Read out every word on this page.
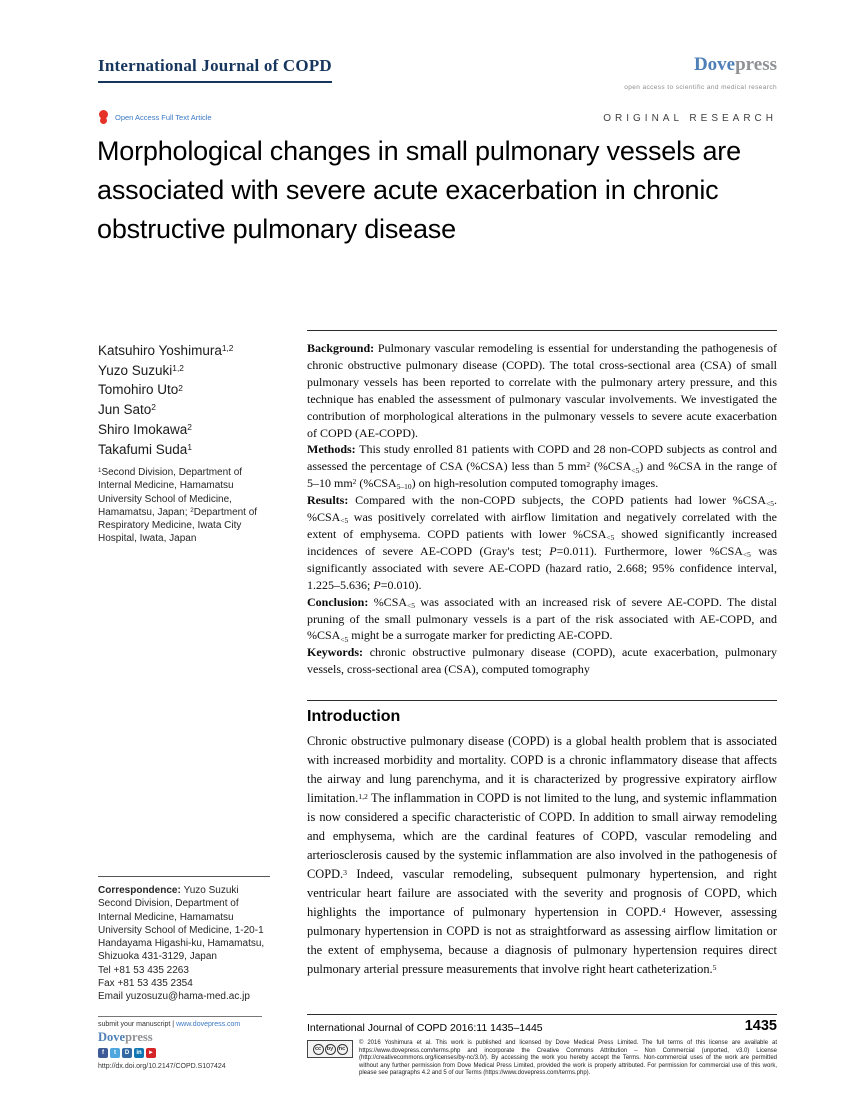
International Journal of COPD	Dovepress
open access to scientific and medical research
Open Access Full Text Article	ORIGINAL RESEARCH
Morphological changes in small pulmonary vessels are associated with severe acute exacerbation in chronic obstructive pulmonary disease
Katsuhiro Yoshimura$^{1,2}$
Yuzo Suzuki$^{1,2}$
Tomohiro Uto$^2$
Jun Sato$^2$
Shiro Imokawa$^2$
Takafumi Suda$^1$
$^1$Second Division, Department of Internal Medicine, Hamamatsu University School of Medicine, Hamamatsu, Japan; $^2$Department of Respiratory Medicine, Iwata City Hospital, Iwata, Japan

Correspondence: Yuzo Suzuki

Second Division, Department of Internal Medicine, Hamamatsu University School of Medicine, 1-20-1 Handayama Higashi-ku, Hamamatsu, Shizuoka 431-3129, Japan

Tel +81 53 435 2263

Fax +81 53 435 2354

Email yuzosuzu@hama-med.ac.jp

Background: Pulmonary vascular remodeling is essential for understanding the pathogenesis of chronic obstructive pulmonary disease (COPD). The total cross-sectional area (CSA) of small pulmonary vessels has been reported to correlate with the pulmonary artery pressure, and this technique has enabled the assessment of pulmonary vascular involvements. We investigated the contribution of morphological alterations in the pulmonary vessels to severe acute exacerbation of COPD (AE-COPD).

Methods: This study enrolled 81 patients with COPD and 28 non-COPD subjects as control and assessed the percentage of CSA (%CSA) less than 5 $mm^2$ (%CSA<5) and %CSA in the range of 5–10 $mm^2$ (%CSA5–10) on high-resolution computed tomography images.

Results: Compared with the non-COPD subjects, the COPD patients had lower %CSA<5. %CSA<5 was positively correlated with airflow limitation and negatively correlated with the extent of emphysema. COPD patients with lower %CSA<5 showed significantly increased incidences of severe AE-COPD (Gray's test; P=0.011). Furthermore, lower %CSA<5 was significantly associated with severe AE-COPD (hazard ratio, 2.668; 95% confidence interval, 1.225–5.636; P=0.010).

Conclusion: %CSA<5 was associated with an increased risk of severe AE-COPD. The distal pruning of the small pulmonary vessels is a part of the risk associated with AE-COPD, and %CSA<5 might be a surrogate marker for predicting AE-COPD.

Keywords: chronic obstructive pulmonary disease (COPD), acute exacerbation, pulmonary vessels, cross-sectional area (CSA), computed tomography

Introduction
Chronic obstructive pulmonary disease (COPD) is a global health problem that is associated with increased morbidity and mortality. COPD is a chronic inflammatory disease that affects the airway and lung parenchyma, and it is characterized by progressive expiratory airflow limitation.$^{1,2}$ The inflammation in COPD is not limited to the lung, and systemic inflammation is now considered a specific characteristic of COPD. In addition to small airway remodeling and emphysema, which are the cardinal features of COPD, vascular remodeling and arteriosclerosis caused by the systemic inflammation are also involved in the pathogenesis of COPD.$^3$ Indeed, vascular remodeling, subsequent pulmonary hypertension, and right ventricular heart failure are associated with the severity and prognosis of COPD, which highlights the importance of pulmonary hypertension in COPD.$^4$ However, assessing pulmonary hypertension in COPD is not as straightforward as assessing airflow limitation or the extent of emphysema, because a diagnosis of pulmonary hypertension requires direct pulmonary arterial pressure measurements that involve right heart catheterization.$^5$
submit your manuscript | www.dovepress.com
Dovepress
f	t	D	in	►
http://dx.doi.org/10.2147/COPD.S107424
International Journal of COPD 2016:11 1435–1445	1435
cc	by	nc
© 2016 Yoshimura et al. This work is published and licensed by Dove Medical Press Limited. The full terms of this license are available at https://www.dovepress.com/terms.php and incorporate the Creative Commons Attribution – Non Commercial (unported, v3.0) License (http://creativecommons.org/licenses/by-nc/3.0/). By accessing the work you hereby accept the Terms. Non-commercial uses of the work are permitted without any further permission from Dove Medical Press Limited, provided the work is properly attributed. For permission for commercial use of this work, please see paragraphs 4.2 and 5 of our Terms (https://www.dovepress.com/terms.php).
